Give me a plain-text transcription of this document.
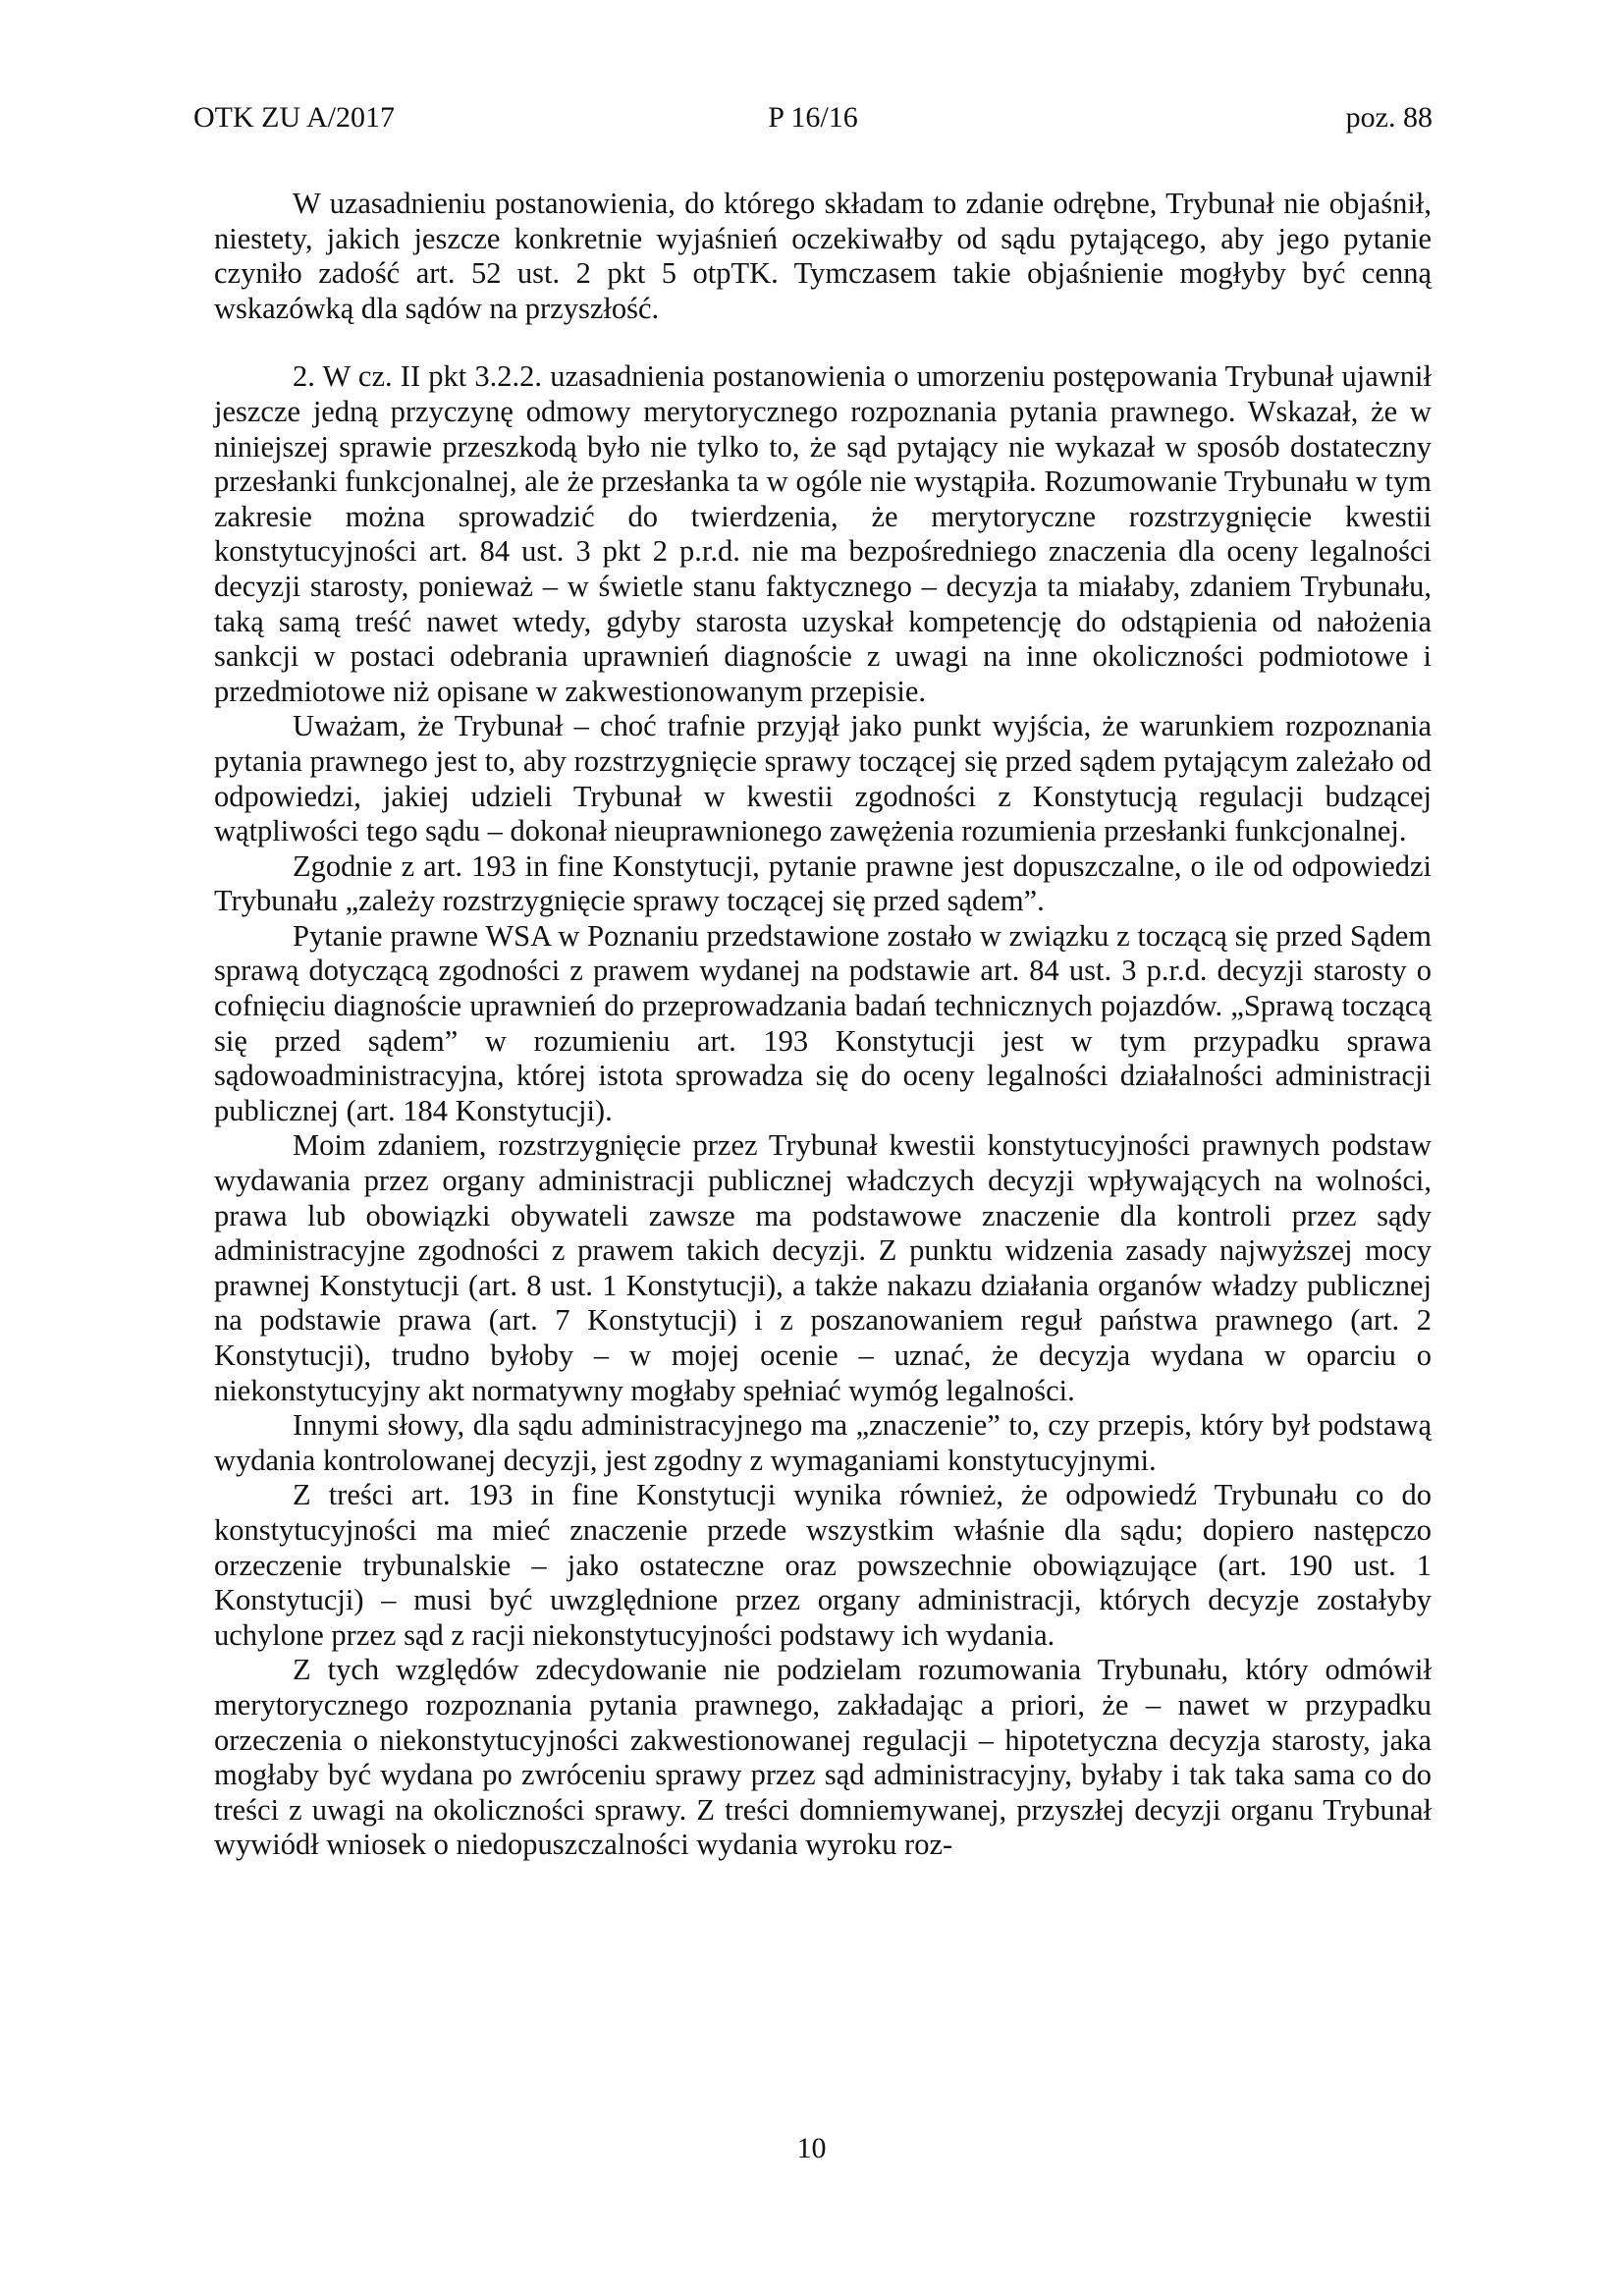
OTK ZU A/2017	P 16/16	poz. 88

W uzasadnieniu postanowienia, do którego składam to zdanie odrębne, Trybunał nie objaśnił, niestety, jakich jeszcze konkretnie wyjaśnień oczekiwałby od sądu pytającego, aby jego pytanie czyniło zadość art. 52 ust. 2 pkt 5 otpTK. Tymczasem takie objaśnienie mogłyby być cenną wskazówką dla sądów na przyszłość.

2. W cz. II pkt 3.2.2. uzasadnienia postanowienia o umorzeniu postępowania Trybunał ujawnił jeszcze jedną przyczynę odmowy merytorycznego rozpoznania pytania prawnego. Wskazał, że w niniejszej sprawie przeszkodą było nie tylko to, że sąd pytający nie wykazał w sposób dostateczny przesłanki funkcjonalnej, ale że przesłanka ta w ogóle nie wystąpiła. Rozumowanie Trybunału w tym zakresie można sprowadzić do twierdzenia, że merytoryczne rozstrzygnięcie kwestii konstytucyjności art. 84 ust. 3 pkt 2 p.r.d. nie ma bezpośredniego znaczenia dla oceny legalności decyzji starosty, ponieważ – w świetle stanu faktycznego – decyzja ta miałaby, zdaniem Trybunału, taką samą treść nawet wtedy, gdyby starosta uzyskał kompetencję do odstąpienia od nałożenia sankcji w postaci odebrania uprawnień diagnoście z uwagi na inne okoliczności podmiotowe i przedmiotowe niż opisane w zakwestionowanym przepisie.

Uważam, że Trybunał – choć trafnie przyjął jako punkt wyjścia, że warunkiem rozpoznania pytania prawnego jest to, aby rozstrzygnięcie sprawy toczącej się przed sądem pytającym zależało od odpowiedzi, jakiej udzieli Trybunał w kwestii zgodności z Konstytucją regulacji budzącej wątpliwości tego sądu – dokonał nieuprawnionego zawężenia rozumienia przesłanki funkcjonalnej.

Zgodnie z art. 193 in fine Konstytucji, pytanie prawne jest dopuszczalne, o ile od odpowiedzi Trybunału „zależy rozstrzygnięcie sprawy toczącej się przed sądem”.

Pytanie prawne WSA w Poznaniu przedstawione zostało w związku z toczącą się przed Sądem sprawą dotyczącą zgodności z prawem wydanej na podstawie art. 84 ust. 3 p.r.d. decyzji starosty o cofnięciu diagnoście uprawnień do przeprowadzania badań technicznych pojazdów. „Sprawą toczącą się przed sądem” w rozumieniu art. 193 Konstytucji jest w tym przypadku sprawa sądowoadministracyjna, której istota sprowadza się do oceny legalności działalności administracji publicznej (art. 184 Konstytucji).

Moim zdaniem, rozstrzygnięcie przez Trybunał kwestii konstytucyjności prawnych podstaw wydawania przez organy administracji publicznej władczych decyzji wpływających na wolności, prawa lub obowiązki obywateli zawsze ma podstawowe znaczenie dla kontroli przez sądy administracyjne zgodności z prawem takich decyzji. Z punktu widzenia zasady najwyższej mocy prawnej Konstytucji (art. 8 ust. 1 Konstytucji), a także nakazu działania organów władzy publicznej na podstawie prawa (art. 7 Konstytucji) i z poszanowaniem reguł państwa prawnego (art. 2 Konstytucji), trudno byłoby – w mojej ocenie – uznać, że decyzja wydana w oparciu o niekonstytucyjny akt normatywny mogłaby spełniać wymóg legalności.

Innymi słowy, dla sądu administracyjnego ma „znaczenie” to, czy przepis, który był podstawą wydania kontrolowanej decyzji, jest zgodny z wymaganiami konstytucyjnymi.

Z treści art. 193 in fine Konstytucji wynika również, że odpowiedź Trybunału co do konstytucyjności ma mieć znaczenie przede wszystkim właśnie dla sądu; dopiero następczo orzeczenie trybunalskie – jako ostateczne oraz powszechnie obowiązujące (art. 190 ust. 1 Konstytucji) – musi być uwzględnione przez organy administracji, których decyzje zostałyby uchylone przez sąd z racji niekonstytucyjności podstawy ich wydania.

Z tych względów zdecydowanie nie podzielam rozumowania Trybunału, który odmówił merytorycznego rozpoznania pytania prawnego, zakładając a priori, że – nawet w przypadku orzeczenia o niekonstytucyjności zakwestionowanej regulacji – hipotetyczna decyzja starosty, jaka mogłaby być wydana po zwróceniu sprawy przez sąd administracyjny, byłaby i tak taka sama co do treści z uwagi na okoliczności sprawy. Z treści domniemywanej, przyszłej decyzji organu Trybunał wywiódł wniosek o niedopuszczalności wydania wyroku roz-

10
